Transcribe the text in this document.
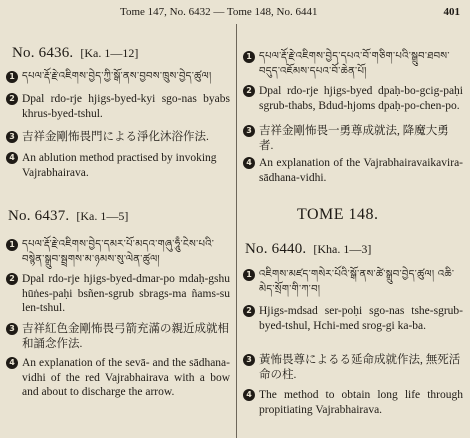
Tome 147, No. 6432 — Tome 148, No. 6441	401
No. 6436. [Ka. 1—12]
1 དཔལ་རྡོ་རྗེ་འཇིགས་བྱེད་ཀྱི་སྒོ་ནས་བྱབས་ཁྲུས་བྱེད་ཚུལ།
2 Dpal rdo-rje hjigs-byed-kyi sgo-nas byabs khrus-byed-tshul.
3 吉祥金剛怖畏門による淨化沐浴作法.
4 An ablution method practised by invoking Vajrabhairava.
No. 6437. [Ka. 1—5]
1 དཔལ་རྡོ་རྗེ་འཇིགས་བྱེད་དམར་པོ་མདའ་གཞུ་ཧཱུྃ་ངེས་པའི་བསྙེན་སྒྲུབ་སྦྲགས་མ་ཉམས་སུ་ལེན་ཚུལ།
2 Dpal rdo-rje hjigs-byed-dmar-po mdaḥ-gshu hūṅes-paḥi bsñen-sgrub sbrags-ma ñams-su len-tshul.
3 吉祥紅色金剛怖畏弓箭充滿の親近成就相和誦念作法.
4 An explanation of the sevā- and the sādhana-vidhi of the red Vajrabhairava with a bow and about to discharge the arrow.
1 དཔལ་རྡོ་རྗེ་འཇིགས་བྱེད་དཔའ་བོ་གཅིག་པའི་སྒྲུབ་ཐབས་བདུད་འཇོམས་དཔའ་བོ་ཆེན་པོ།
2 Dpal rdo-rje hjigs-byed dpaḥ-bo-gcig-paḥi sgrub-thabs, Bdud-hjoms dpaḥ-po-chen-po.
3 吉祥金剛怖畏一勇尊成就法, 降魔大勇者.
4 An explanation of the Vajrabhairavaikavira-sādhana-vidhi.
TOME 148.
No. 6440. [Kha. 1—3]
1 འཇིགས་མཛད་གསེར་པོའི་སྒོ་ནས་ཚེ་སྒྲུབ་བྱེད་ཚུལ། འཆི་མེད་སྲོག་གི་ཀ་བ།
2 Hjigs-mdsad ser-poḥi sgo-nas tshe-sgrub-byed-tshul, Hchi-med srog-gi ka-ba.
3 黃怖畏尊によるる延命成就作法, 無死活命の柱.
4 The method to obtain long life through propitiating Vajrabhairava.
